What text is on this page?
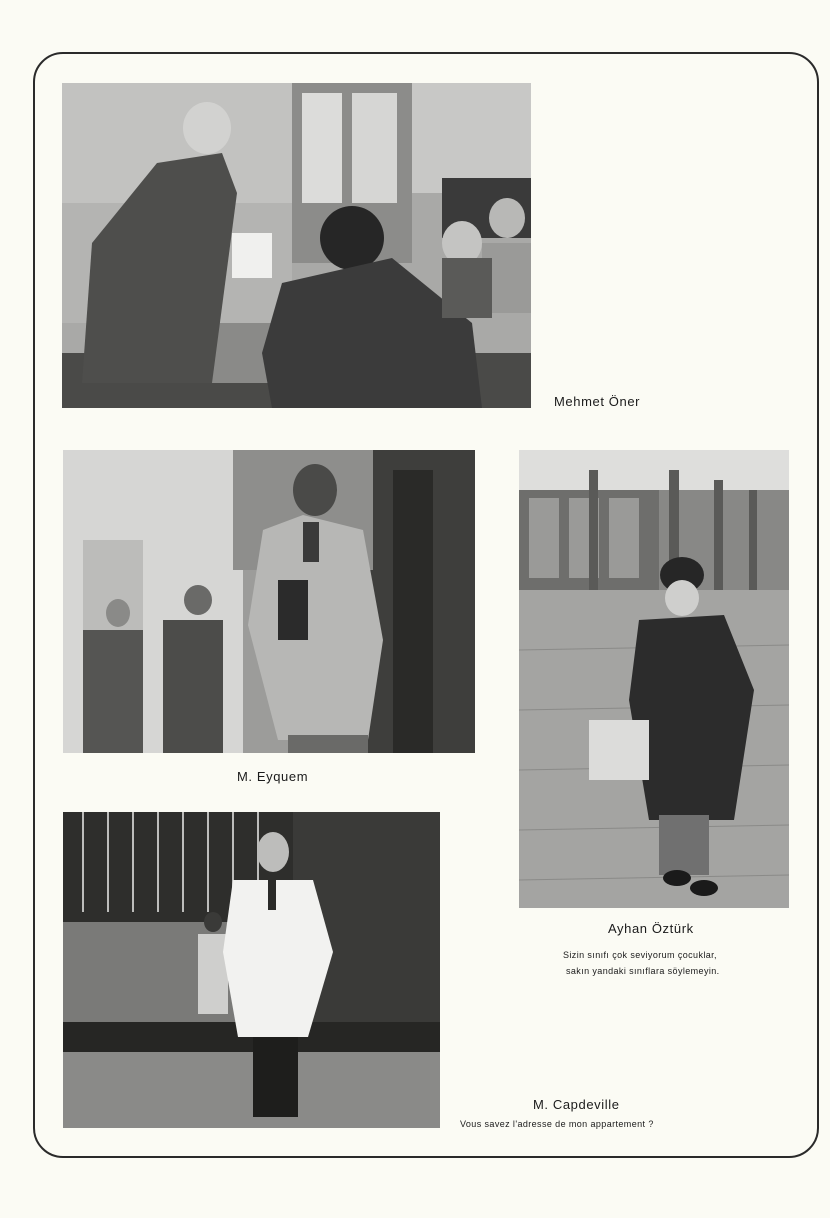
Mehmet Öner
M. Eyquem
Ayhan Öztürk
Sizin sınıfı çok seviyorum çocuklar,
sakın yandaki sınıflara söylemeyin.
M. Capdeville
Vous savez l'adresse de mon appartement ?
